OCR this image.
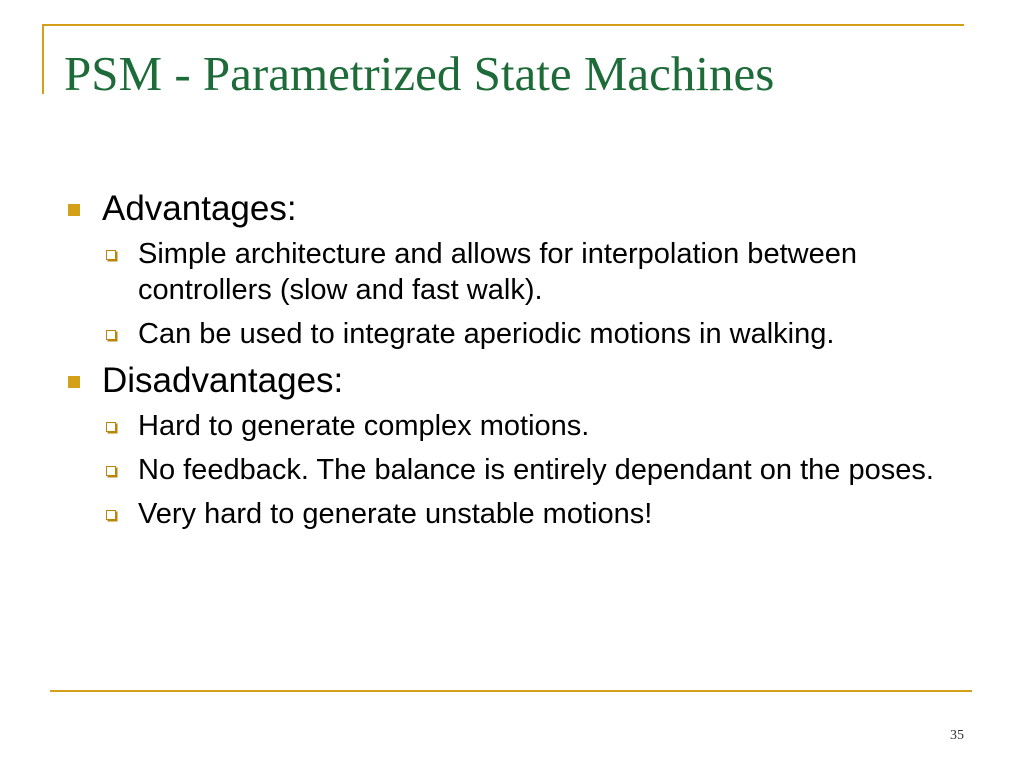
PSM - Parametrized State Machines
Advantages:
Simple architecture and allows for interpolation between controllers (slow and fast walk).
Can be used to integrate aperiodic motions in walking.
Disadvantages:
Hard to generate complex motions.
No feedback. The balance is entirely dependant on the poses.
Very hard to generate unstable motions!
35
